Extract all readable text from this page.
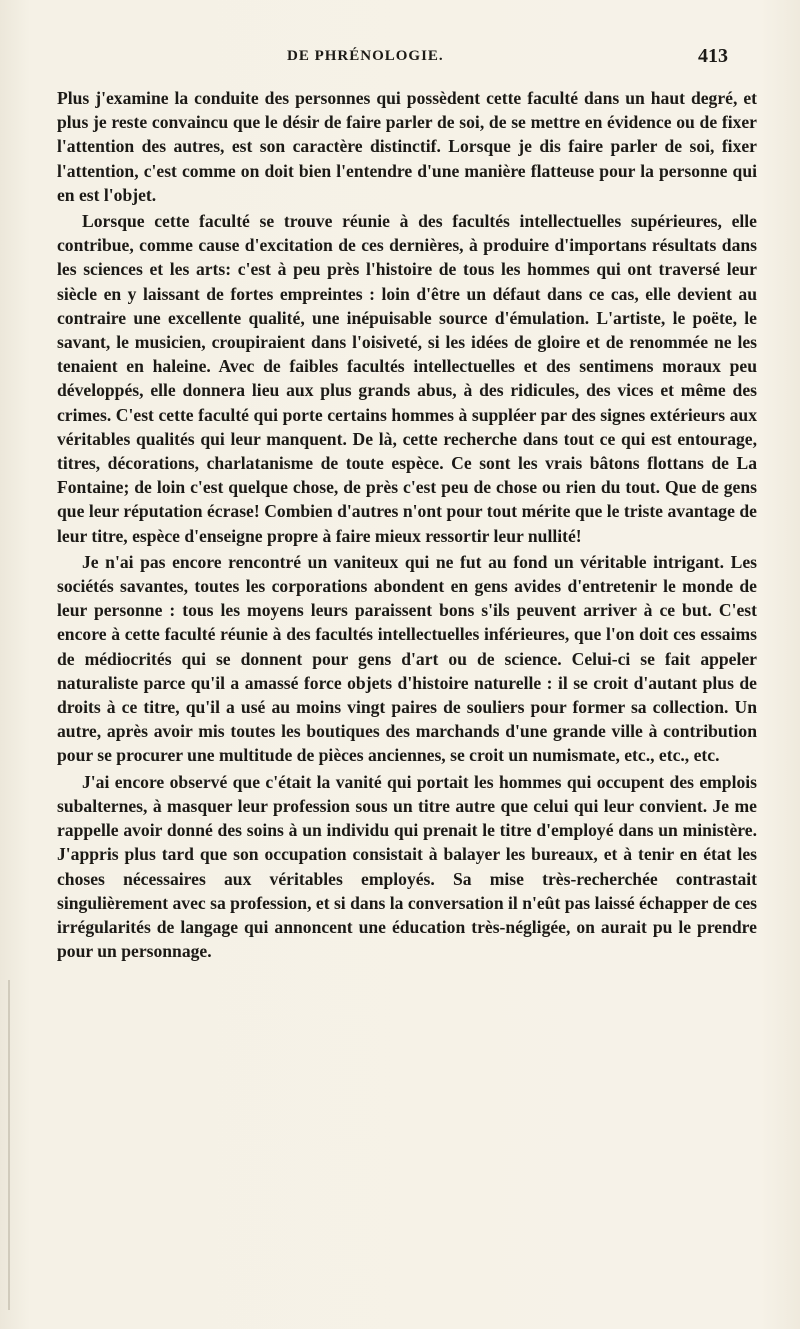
DE PHRÉNOLOGIE.	413

Plus j'examine la conduite des personnes qui possèdent cette faculté dans un haut degré, et plus je reste convaincu que le désir de faire parler de soi, de se mettre en évidence ou de fixer l'attention des autres, est son caractère distinctif. Lorsque je dis faire parler de soi, fixer l'attention, c'est comme on doit bien l'entendre d'une manière flatteuse pour la personne qui en est l'objet.

Lorsque cette faculté se trouve réunie à des facultés intellectuelles supérieures, elle contribue, comme cause d'excitation de ces dernières, à produire d'importans résultats dans les sciences et les arts: c'est à peu près l'histoire de tous les hommes qui ont traversé leur siècle en y laissant de fortes empreintes : loin d'être un défaut dans ce cas, elle devient au contraire une excellente qualité, une inépuisable source d'émulation. L'artiste, le poëte, le savant, le musicien, croupiraient dans l'oisiveté, si les idées de gloire et de renommée ne les tenaient en haleine. Avec de faibles facultés intellectuelles et des sentimens moraux peu développés, elle donnera lieu aux plus grands abus, à des ridicules, des vices et même des crimes. C'est cette faculté qui porte certains hommes à suppléer par des signes extérieurs aux véritables qualités qui leur manquent. De là, cette recherche dans tout ce qui est entourage, titres, décorations, charlatanisme de toute espèce. Ce sont les vrais bâtons flottans de La Fontaine; de loin c'est quelque chose, de près c'est peu de chose ou rien du tout. Que de gens que leur réputation écrase! Combien d'autres n'ont pour tout mérite que le triste avantage de leur titre, espèce d'enseigne propre à faire mieux ressortir leur nullité!

Je n'ai pas encore rencontré un vaniteux qui ne fut au fond un véritable intrigant. Les sociétés savantes, toutes les corporations abondent en gens avides d'entretenir le monde de leur personne : tous les moyens leurs paraissent bons s'ils peuvent arriver à ce but. C'est encore à cette faculté réunie à des facultés intellectuelles inférieures, que l'on doit ces essaims de médiocrités qui se donnent pour gens d'art ou de science. Celui-ci se fait appeler naturaliste parce qu'il a amassé force objets d'histoire naturelle : il se croit d'autant plus de droits à ce titre, qu'il a usé au moins vingt paires de souliers pour former sa collection. Un autre, après avoir mis toutes les boutiques des marchands d'une grande ville à contribution pour se procurer une multitude de pièces anciennes, se croit un numismate, etc., etc., etc.

J'ai encore observé que c'était la vanité qui portait les hommes qui occupent des emplois subalternes, à masquer leur profession sous un titre autre que celui qui leur convient. Je me rappelle avoir donné des soins à un individu qui prenait le titre d'employé dans un ministère. J'appris plus tard que son occupation consistait à balayer les bureaux, et à tenir en état les choses nécessaires aux véritables employés. Sa mise très-recherchée contrastait singulièrement avec sa profession, et si dans la conversation il n'eût pas laissé échapper de ces irrégularités de langage qui annoncent une éducation très-négligée, on aurait pu le prendre pour un personnage.
